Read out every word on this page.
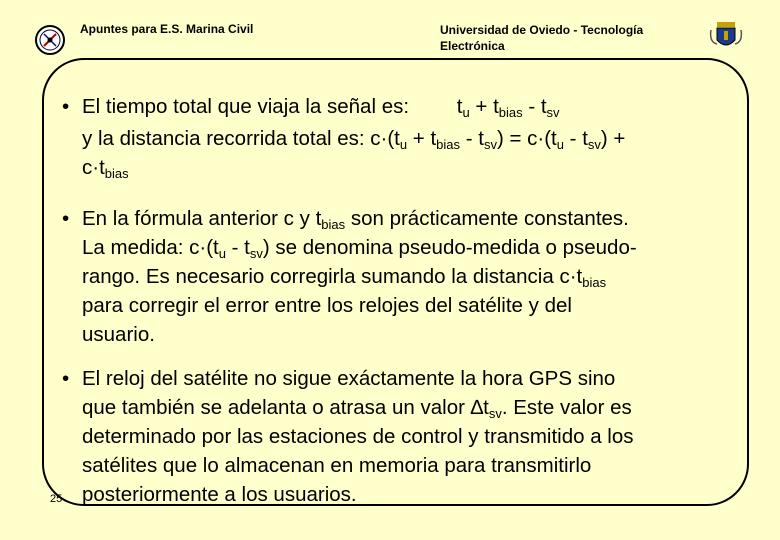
Apuntes para E.S. Marina Civil	Universidad de Oviedo - Tecnología Electrónica
• El tiempo total que viaja la señal es: $t_u + t_{bias} - t_{sv}$
y la distancia recorrida total es: $c\cdot(t_u + t_{bias} - t_{sv}) = c\cdot(t_u - t_{sv})$ +
$c\cdot t_{bias}$
• En la fórmula anterior c y $t_{bias}$ son prácticamente constantes.
La medida: $c\cdot(t_u - t_{sv})$ se denomina pseudo-medida o pseudo-
rango. Es necesario corregirla sumando la distancia $c\cdot t_{bias}$
para corregir el error entre los relojes del satélite y del
usuario.
• El reloj del satélite no sigue exáctamente la hora GPS sino
que también se adelanta o atrasa un valor $\Delta t_{sv}$. Este valor es
determinado por las estaciones de control y transmitido a los
satélites que lo almacenan en memoria para transmitirlo
posteriormente a los usuarios.
25
